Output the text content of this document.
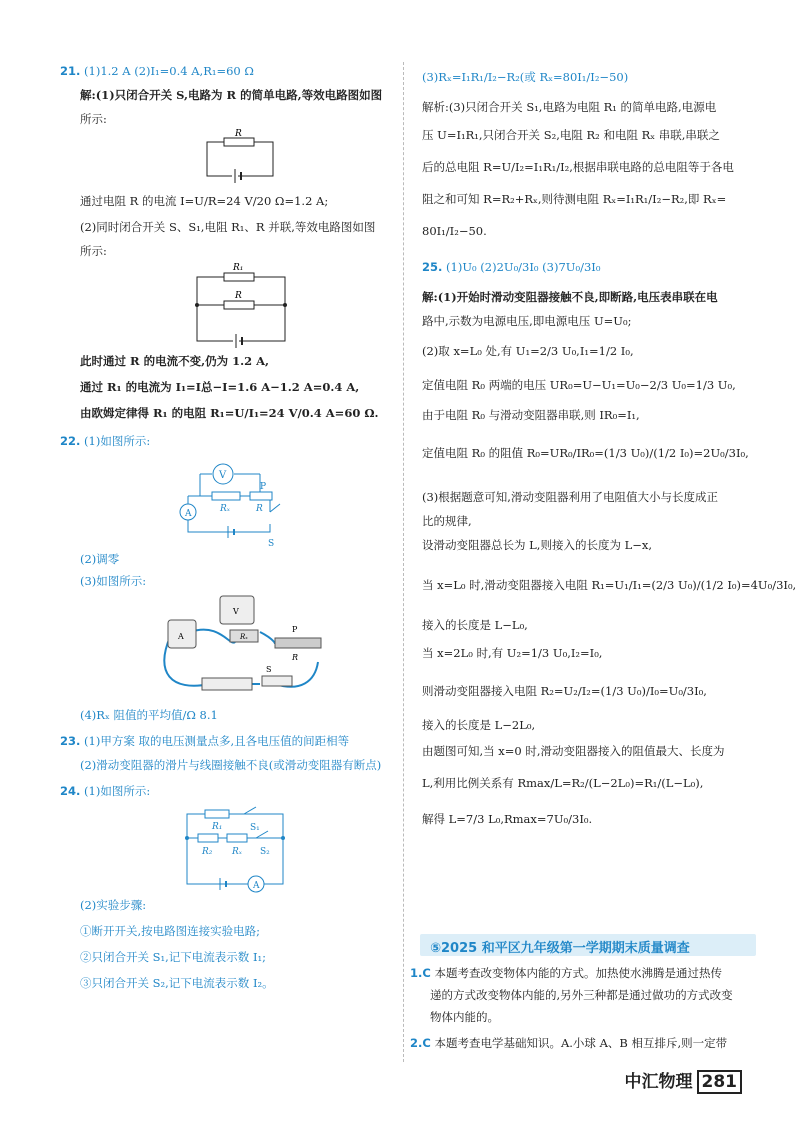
21. (1)1.2 A (2)I₁=0.4 A,R₁=60 Ω

解:(1)只闭合开关 S,电路为 R 的简单电路,等效电路图如图

所示:

R

通过电阻 R 的电流 I=U/R=24 V/20 Ω=1.2 A;

(2)同时闭合开关 S、S₁,电阻 R₁、R 并联,等效电路图如图

所示:

R₁
R

此时通过 R 的电流不变,仍为 1.2 A,

通过 R₁ 的电流为 I₁=I总−I=1.6 A−1.2 A=0.4 A,

由欧姆定律得 R₁ 的电阻 R₁=U/I₁=24 V/0.4 A=60 Ω.

22. (1)如图所示:

V
Rₓ
P
R
A
S

(2)调零

(3)如图所示:

A
V
Rₓ
P
R
S

(4)Rₓ 阻值的平均值/Ω 8.1

23. (1)甲方案 取的电压测量点多,且各电压值的间距相等

(2)滑动变阻器的滑片与线圈接触不良(或滑动变阻器有断点)

24. (1)如图所示:

R₁	S₁
R₂ Rₓ S₂
A

(2)实验步骤:

①断开开关,按电路图连接实验电路;

②只闭合开关 S₁,记下电流表示数 I₁;

③只闭合开关 S₂,记下电流表示数 I₂。

(3)Rₓ=I₁R₁/I₂−R₂(或 Rₓ=80I₁/I₂−50)

解析:(3)只闭合开关 S₁,电路为电阻 R₁ 的简单电路,电源电

压 U=I₁R₁,只闭合开关 S₂,电阻 R₂ 和电阻 Rₓ 串联,串联之

后的总电阻 R=U/I₂=I₁R₁/I₂,根据串联电路的总电阻等于各电

阻之和可知 R=R₂+Rₓ,则待测电阻 Rₓ=I₁R₁/I₂−R₂,即 Rₓ=

80I₁/I₂−50.

25. (1)U₀ (2)2U₀/3I₀ (3)7U₀/3I₀

解:(1)开始时滑动变阻器接触不良,即断路,电压表串联在电

路中,示数为电源电压,即电源电压 U=U₀;

(2)取 x=L₀ 处,有 U₁=2/3 U₀,I₁=1/2 I₀,

定值电阻 R₀ 两端的电压 UR₀=U−U₁=U₀−2/3 U₀=1/3 U₀,

由于电阻 R₀ 与滑动变阻器串联,则 IR₀=I₁,

定值电阻 R₀ 的阻值 R₀=UR₀/IR₀=(1/3 U₀)/(1/2 I₀)=2U₀/3I₀,

(3)根据题意可知,滑动变阻器利用了电阻值大小与长度成正

比的规律,

设滑动变阻器总长为 L,则接入的长度为 L−x,

当 x=L₀ 时,滑动变阻器接入电阻 R₁=U₁/I₁=(2/3 U₀)/(1/2 I₀)=4U₀/3I₀,

接入的长度是 L−L₀,

当 x=2L₀ 时,有 U₂=1/3 U₀,I₂=I₀,

则滑动变阻器接入电阻 R₂=U₂/I₂=(1/3 U₀)/I₀=U₀/3I₀,

接入的长度是 L−2L₀,

由题图可知,当 x=0 时,滑动变阻器接入的阻值最大、长度为

L,利用比例关系有 Rmax/L=R₂/(L−2L₀)=R₁/(L−L₀),

解得 L=7/3 L₀,Rmax=7U₀/3I₀.

⑤2025 和平区九年级第一学期期末质量调查

1.C 本题考查改变物体内能的方式。加热使水沸腾是通过热传

递的方式改变物体内能的,另外三种都是通过做功的方式改变

物体内能的。

2.C 本题考查电学基础知识。A.小球 A、B 相互排斥,则一定带

中汇物理 281
